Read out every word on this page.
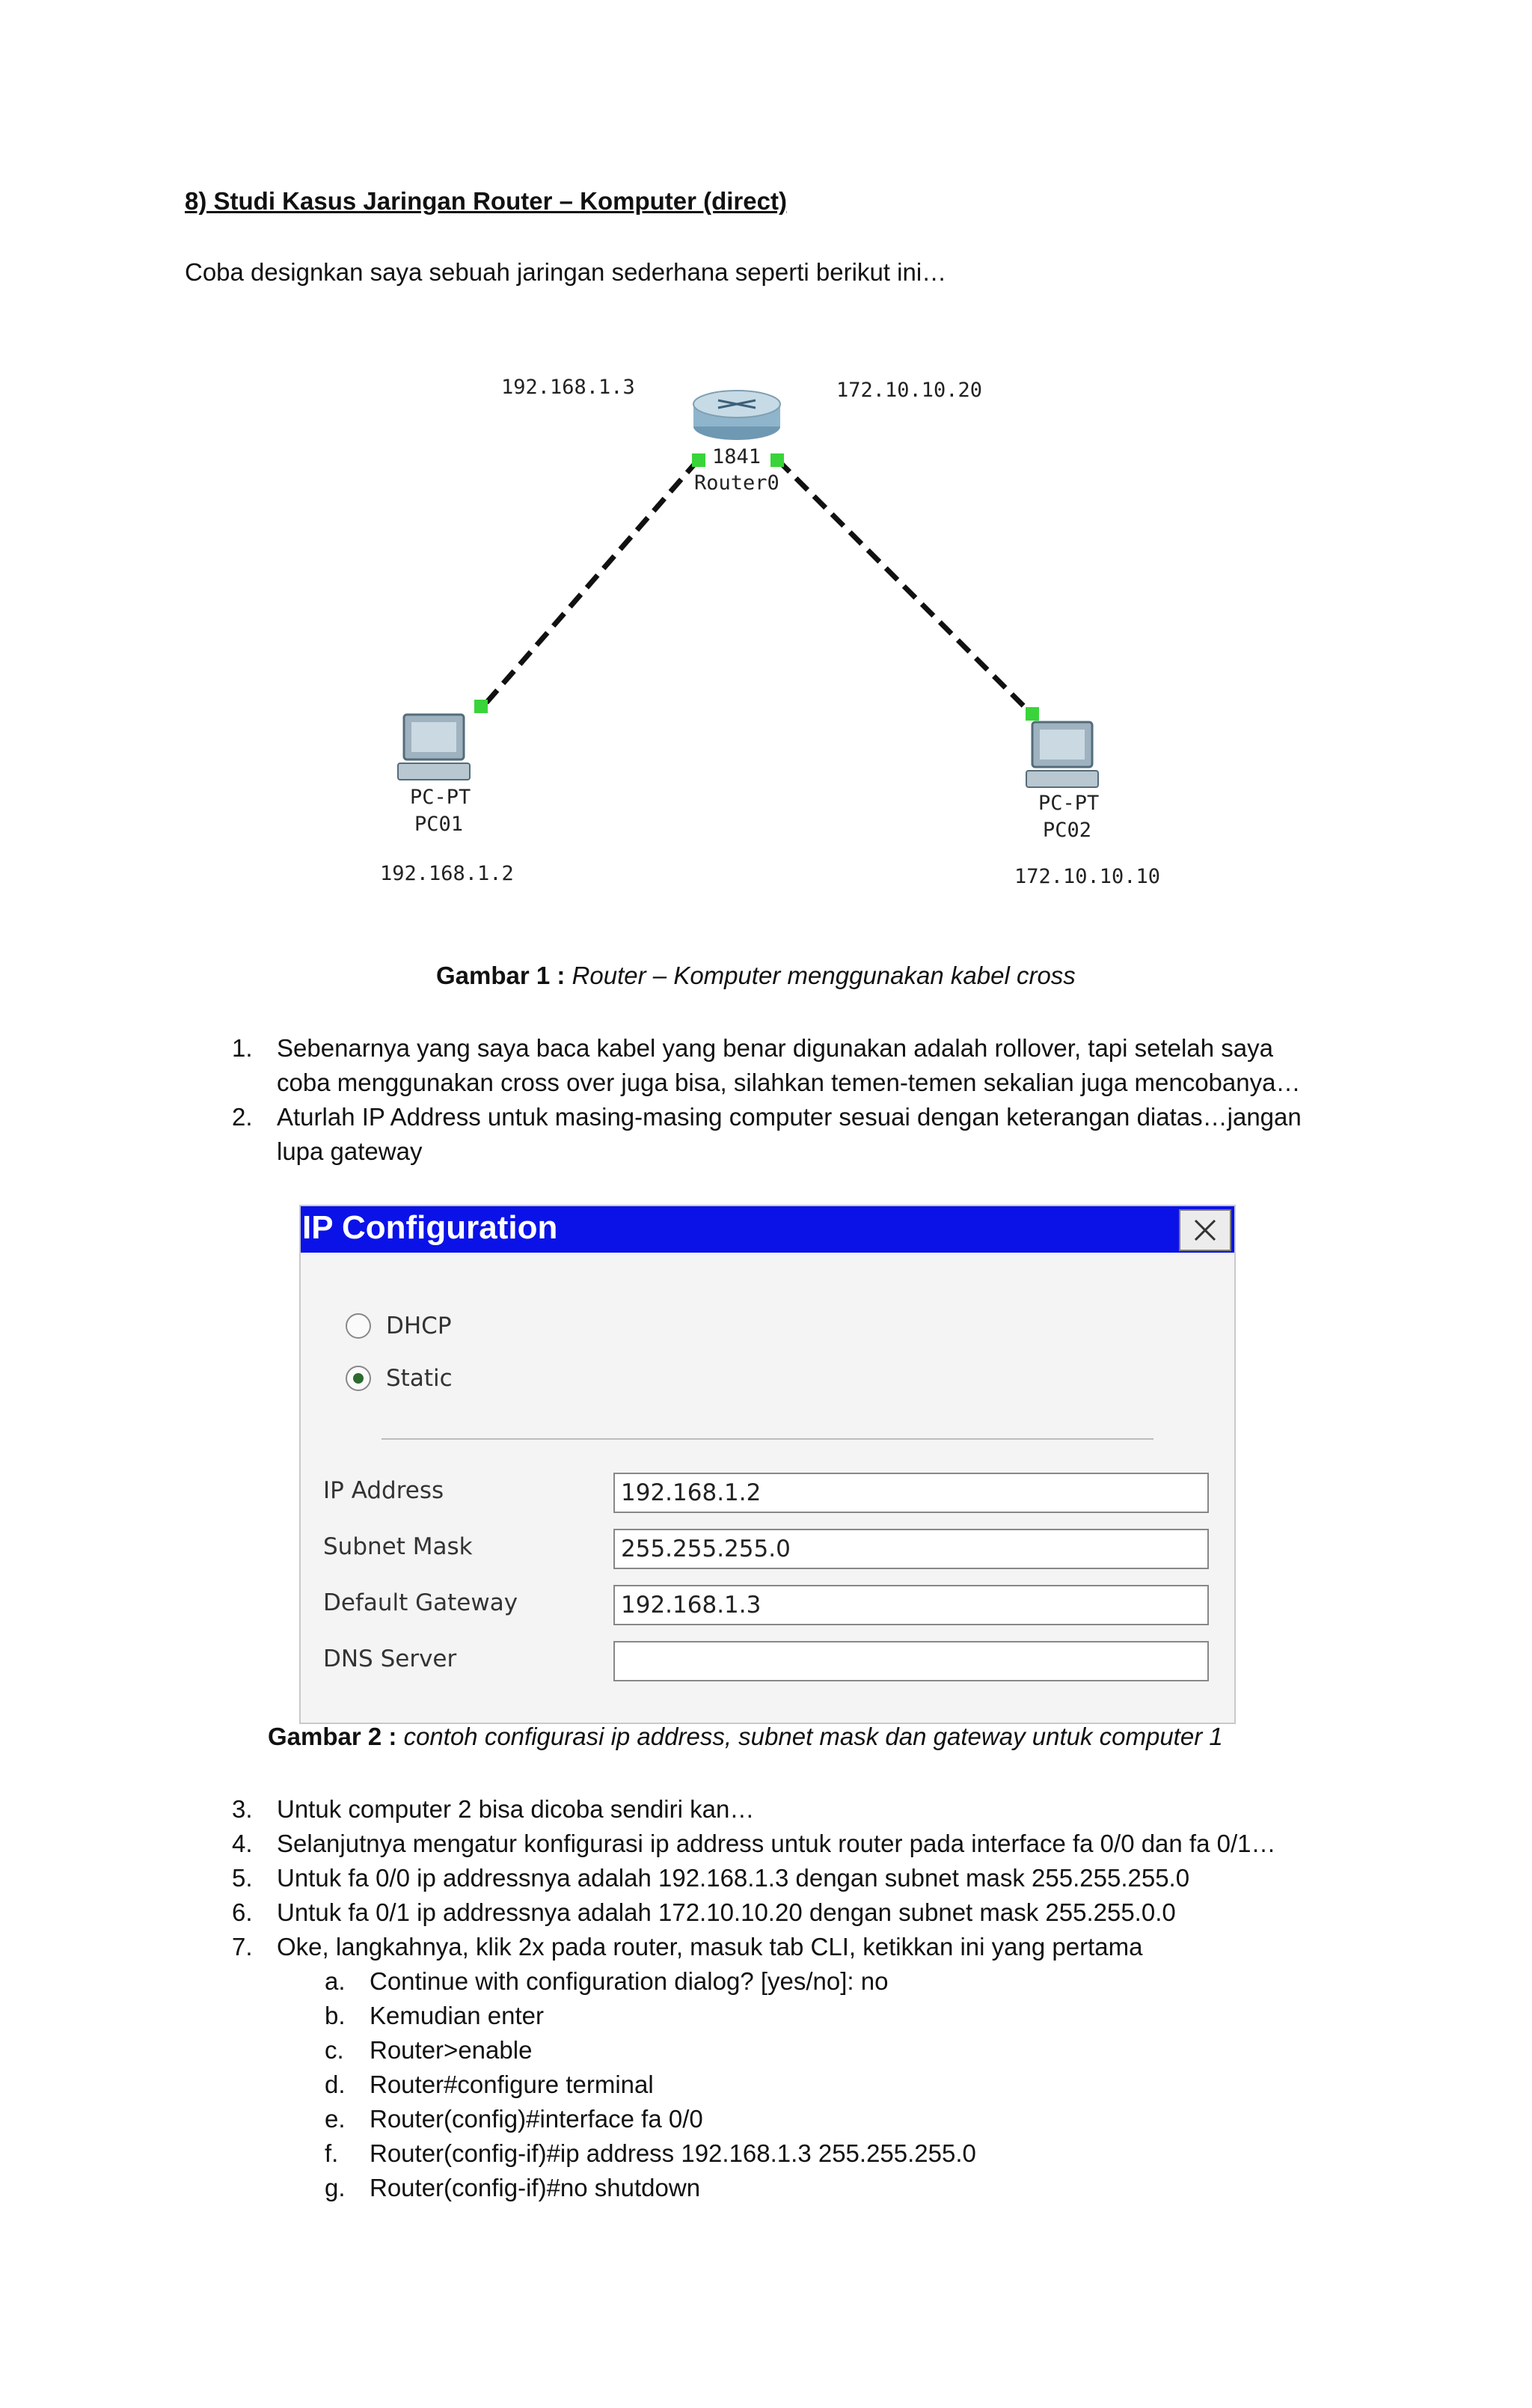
8) Studi Kasus Jaringan Router – Komputer (direct)
Coba designkan saya sebuah jaringan sederhana seperti berikut ini…
192.168.1.3	172.10.10.20
1841
Router0
PC-PT
PC01
192.168.1.2
PC-PT
PC02
172.10.10.10
Gambar 1 : Router – Komputer menggunakan kabel cross
1. Sebenarnya yang saya baca kabel yang benar digunakan adalah rollover, tapi setelah saya
coba menggunakan cross over juga bisa, silahkan temen-temen sekalian juga mencobanya…
2. Aturlah IP Address untuk masing-masing computer sesuai dengan keterangan diatas…jangan
lupa gateway
IP Configuration
DHCP
Static
IP Address	192.168.1.2
Subnet Mask	255.255.255.0
Default Gateway	192.168.1.3
DNS Server
Gambar 2 : contoh configurasi ip address, subnet mask dan gateway untuk computer 1
3. Untuk computer 2 bisa dicoba sendiri kan…
4. Selanjutnya mengatur konfigurasi ip address untuk router pada interface fa 0/0 dan fa 0/1…
5. Untuk fa 0/0 ip addressnya adalah 192.168.1.3 dengan subnet mask 255.255.255.0
6. Untuk fa 0/1 ip addressnya adalah 172.10.10.20 dengan subnet mask 255.255.0.0
7. Oke, langkahnya, klik 2x pada router, masuk tab CLI, ketikkan ini yang pertama
a. Continue with configuration dialog? [yes/no]: no
b. Kemudian enter
c. Router>enable
d. Router#configure terminal
e. Router(config)#interface fa 0/0
f. Router(config-if)#ip address 192.168.1.3 255.255.255.0
g. Router(config-if)#no shutdown
